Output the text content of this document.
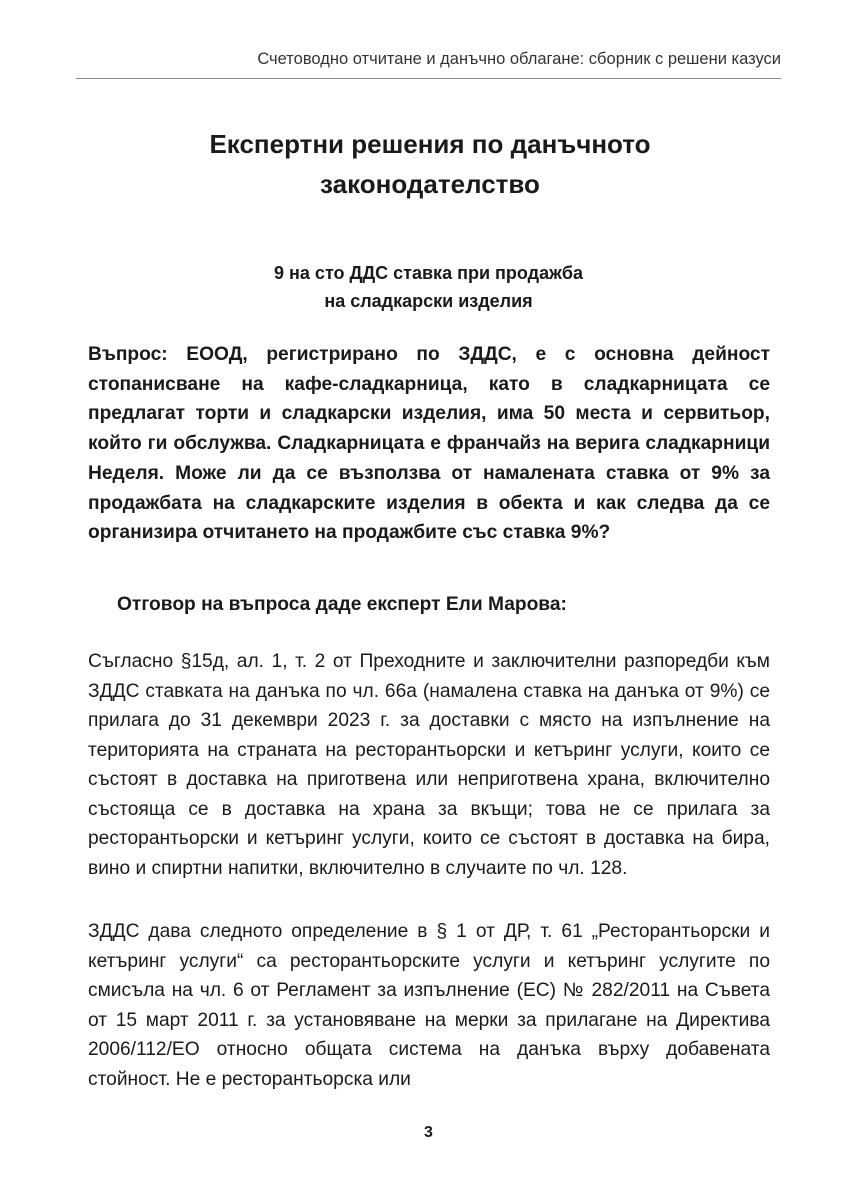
Счетоводно отчитане и данъчно облагане: сборник с решени казуси
Експертни решения по данъчното
законодателство
9 на сто ДДС ставка при продажба
на сладкарски изделия

Въпрос: ЕООД, регистрирано по ЗДДС, е с основна дейност стопанисване на кафе-сладкарница, като в сладкарницата се предлагат торти и сладкарски изделия, има 50 места и сервитьор, който ги обслужва. Сладкарницата е франчайз на верига сладкарници Неделя. Може ли да се възползва от намалената ставка от 9% за продажбата на сладкарските изделия в обекта и как следва да се организира отчитането на продажбите със ставка 9%?

Отговор на въпроса даде експерт Ели Марова:

Съгласно §15д, ал. 1, т. 2 от Преходните и заключителни разпоредби към ЗДДС ставката на данъка по чл. 66а (намалена ставка на данъка от 9%) се прилага до 31 декември 2023 г. за доставки с място на изпълнение на територията на страната на ресторантьорски и кетъринг услуги, които се състоят в доставка на приготвена или неприготвена храна, включително състояща се в доставка на храна за вкъщи; това не се прилага за ресторантьорски и кетъринг услуги, които се състоят в доставка на бира, вино и спиртни напитки, включително в случаите по чл. 128.

ЗДДС дава следното определение в § 1 от ДР, т. 61 „Ресторантьорски и кетъринг услуги“ са ресторантьорските услуги и кетъринг услугите по смисъла на чл. 6 от Регламент за изпълнение (ЕС) № 282/2011 на Съвета от 15 март 2011 г. за установяване на мерки за прилагане на Директива 2006/112/ЕО относно общата система на данъка върху добавената стойност. Не е ресторантьорска или

3
